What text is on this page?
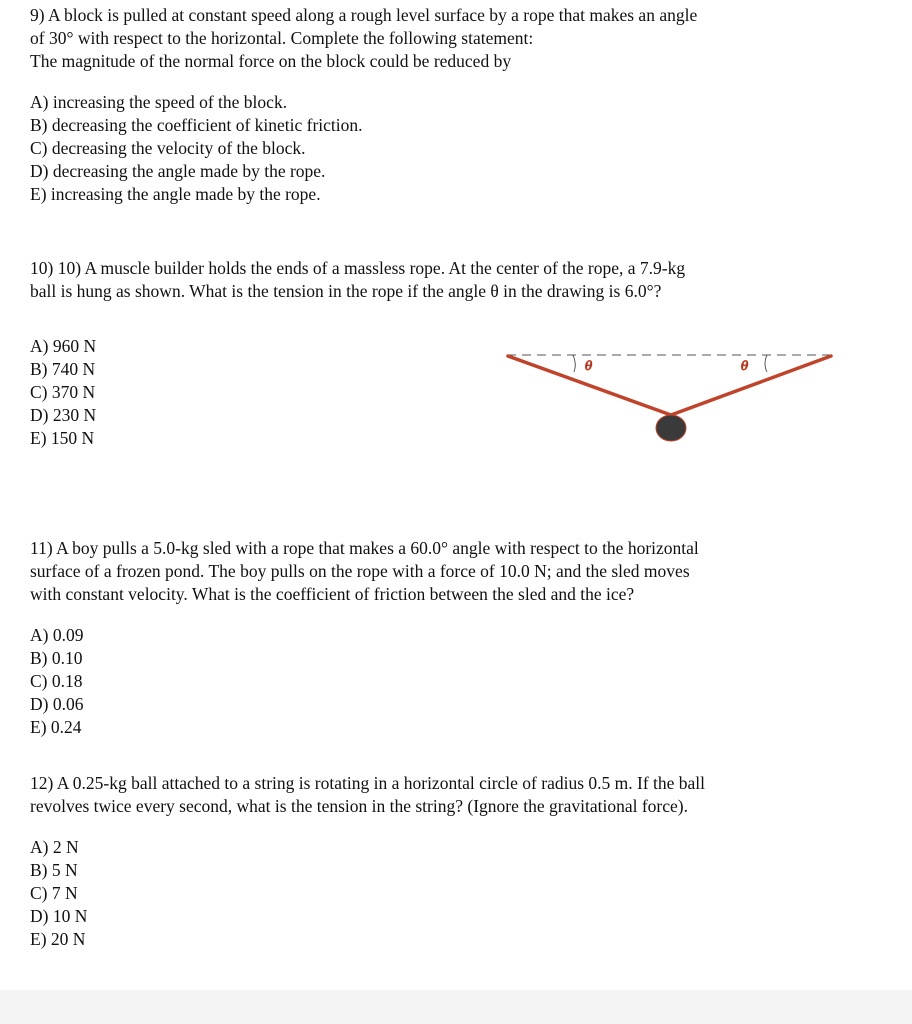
9) A block is pulled at constant speed along a rough level surface by a rope that makes an angle

of 30° with respect to the horizontal. Complete the following statement:

The magnitude of the normal force on the block could be reduced by

A) increasing the speed of the block.
B) decreasing the coefficient of kinetic friction.
C) decreasing the velocity of the block.
D) decreasing the angle made by the rope.
E) increasing the angle made by the rope.

10) 10) A muscle builder holds the ends of a massless rope. At the center of the rope, a 7.9-kg

ball is hung as shown. What is the tension in the rope if the angle θ in the drawing is 6.0°?

A) 960 N
B) 740 N
C) 370 N
D) 230 N
E) 150 N
θ	θ

11) A boy pulls a 5.0-kg sled with a rope that makes a 60.0° angle with respect to the horizontal

surface of a frozen pond. The boy pulls on the rope with a force of 10.0 N; and the sled moves

with constant velocity. What is the coefficient of friction between the sled and the ice?

A) 0.09
B) 0.10
C) 0.18
D) 0.06
E) 0.24

12) A 0.25-kg ball attached to a string is rotating in a horizontal circle of radius 0.5 m. If the ball

revolves twice every second, what is the tension in the string? (Ignore the gravitational force).

A) 2 N
B) 5 N
C) 7 N
D) 10 N
E) 20 N
